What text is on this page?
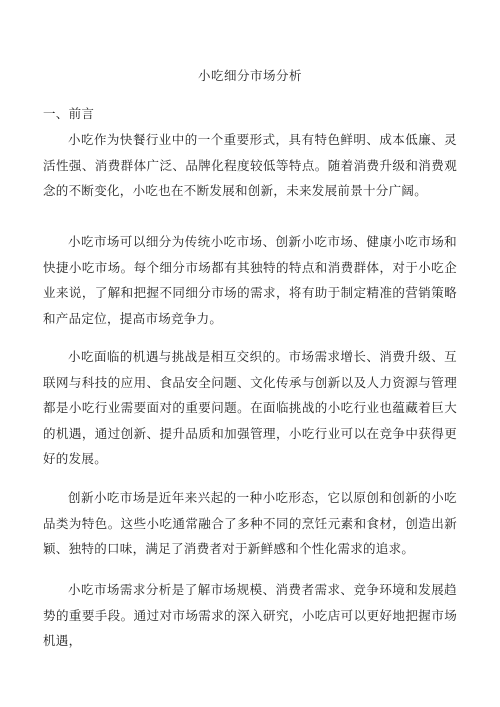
小吃细分市场分析
一、前言

小吃作为快餐行业中的一个重要形式，具有特色鲜明、成本低廉、灵活性强、消费群体广泛、品牌化程度较低等特点。随着消费升级和消费观念的不断变化，小吃也在不断发展和创新，未来发展前景十分广阔。

小吃市场可以细分为传统小吃市场、创新小吃市场、健康小吃市场和快捷小吃市场。每个细分市场都有其独特的特点和消费群体，对于小吃企业来说，了解和把握不同细分市场的需求，将有助于制定精准的营销策略和产品定位，提高市场竞争力。

小吃面临的机遇与挑战是相互交织的。市场需求增长、消费升级、互联网与科技的应用、食品安全问题、文化传承与创新以及人力资源与管理都是小吃行业需要面对的重要问题。在面临挑战的小吃行业也蕴藏着巨大的机遇，通过创新、提升品质和加强管理，小吃行业可以在竞争中获得更好的发展。

创新小吃市场是近年来兴起的一种小吃形态，它以原创和创新的小吃品类为特色。这些小吃通常融合了多种不同的烹饪元素和食材，创造出新颖、独特的口味，满足了消费者对于新鲜感和个性化需求的追求。

小吃市场需求分析是了解市场规模、消费者需求、竞争环境和发展趋势的重要手段。通过对市场需求的深入研究，小吃店可以更好地把握市场机遇，
